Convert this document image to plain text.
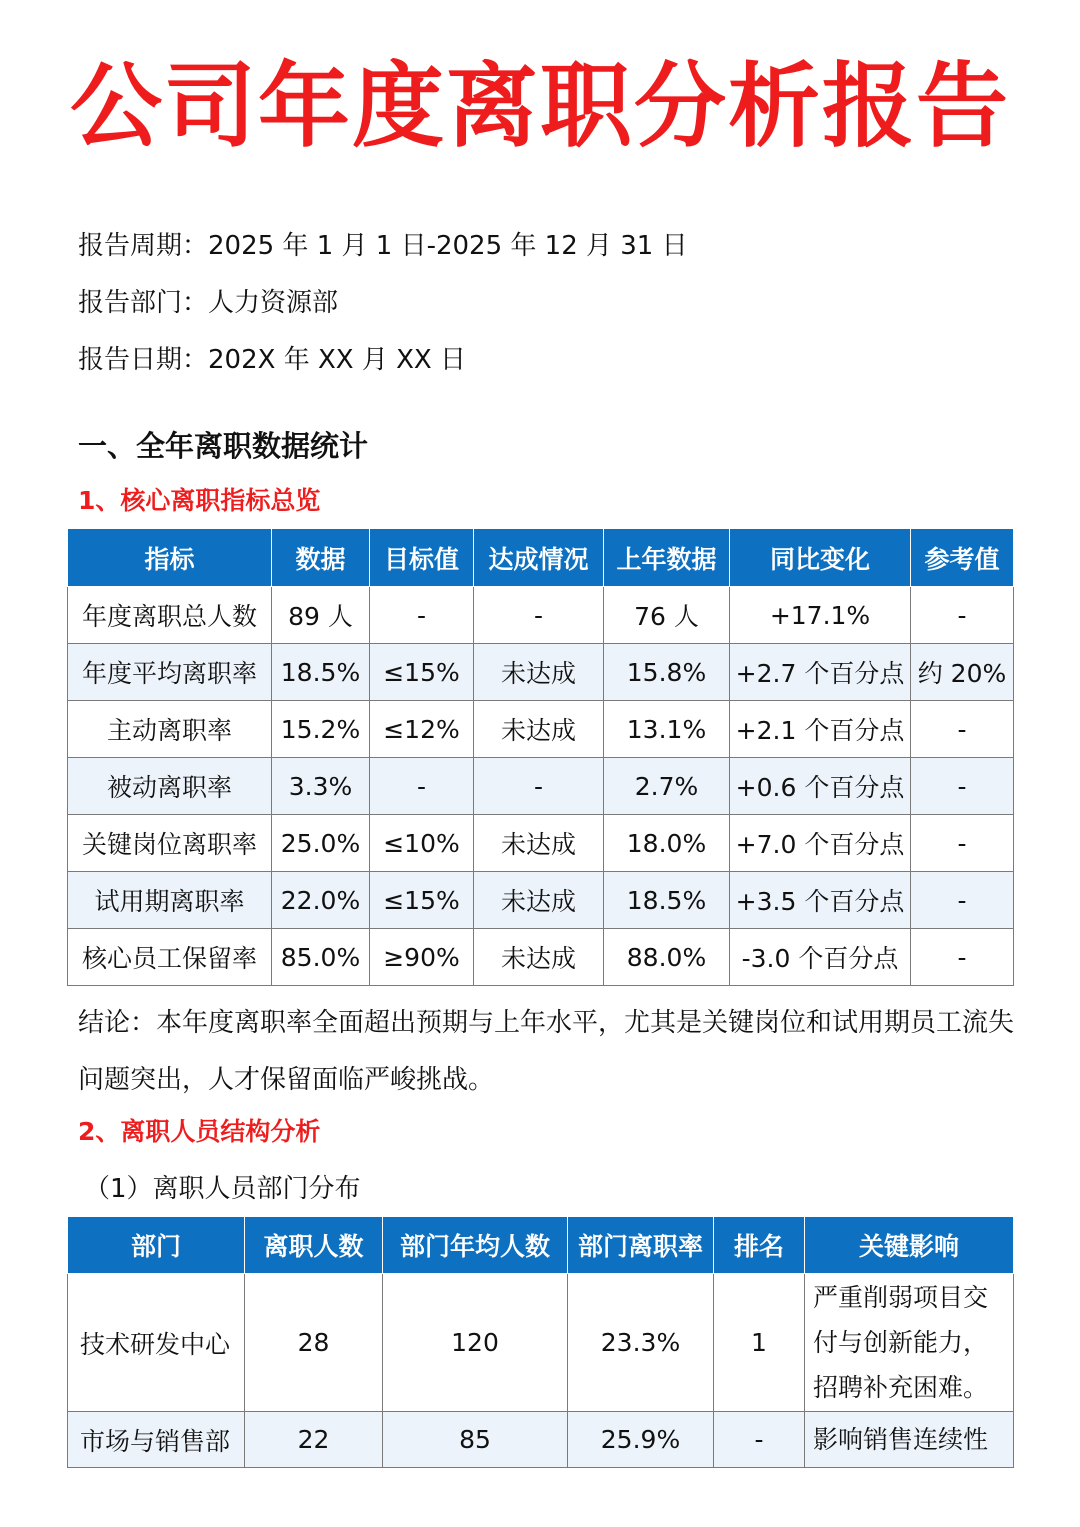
公司年度离职分析报告
报告周期：2025 年 1 月 1 日-2025 年 12 月 31 日
报告部门：人力资源部
报告日期：202X 年 XX 月 XX 日
一、全年离职数据统计
1、核心离职指标总览
指标	数据	目标值	达成情况	上年数据	同比变化	参考值
年度离职总人数	89 人	-	-	76 人	+17.1%	-
年度平均离职率	18.5%	≤15%	未达成	15.8%	+2.7 个百分点	约 20%
主动离职率	15.2%	≤12%	未达成	13.1%	+2.1 个百分点	-
被动离职率	3.3%	-	-	2.7%	+0.6 个百分点	-
关键岗位离职率	25.0%	≤10%	未达成	18.0%	+7.0 个百分点	-
试用期离职率	22.0%	≤15%	未达成	18.5%	+3.5 个百分点	-
核心员工保留率	85.0%	≥90%	未达成	88.0%	-3.0 个百分点	-
结论：本年度离职率全面超出预期与上年水平，尤其是关键岗位和试用期员工流失问题突出，人才保留面临严峻挑战。
2、离职人员结构分析
（1）离职人员部门分布
部门	离职人数	部门年均人数	部门离职率	排名	关键影响
技术研发中心	28	120	23.3%	1	严重削弱项目交付与创新能力，招聘补充困难。
市场与销售部	22	85	25.9%	-	影响销售连续性
